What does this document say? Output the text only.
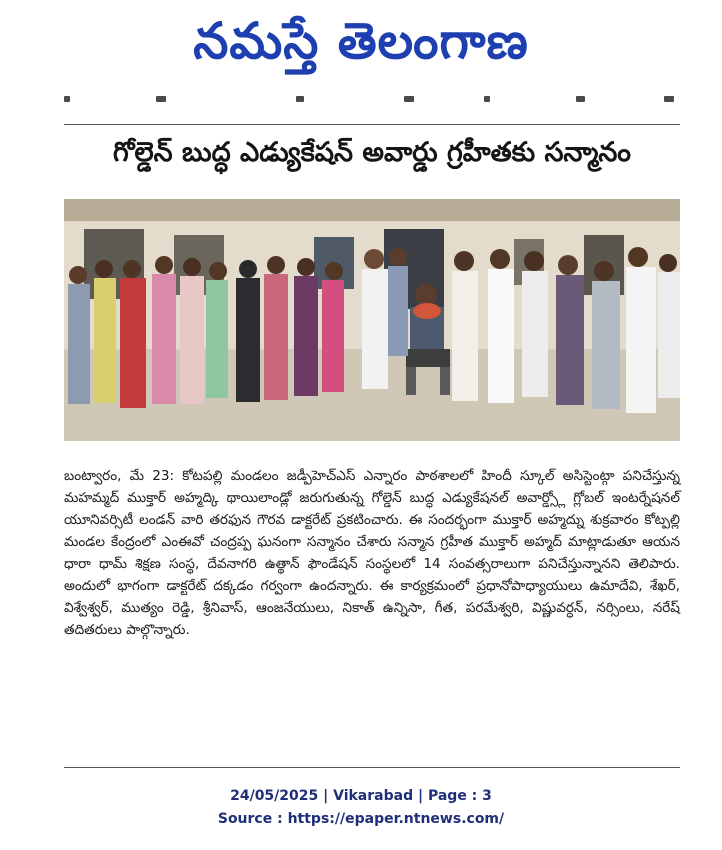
నమస్తే తెలంగాణ
గోల్డెన్ బుద్ధ ఎడ్యుకేషన్ అవార్డు గ్రహీతకు సన్మానం
బంట్వారం, మే 23: కోటపల్లి మండలం జడ్పీహెచ్ఎస్ ఎన్నారం పాఠశాలలో హిందీ స్కూల్ అసిస్టెంట్గా పనిచేస్తున్న మహమ్మద్ ముక్తార్ అహ్మద్కి థాయిలాండ్లో జరుగుతున్న గోల్డెన్ బుద్ధ ఎడ్యుకేషనల్ అవార్డ్స్లో గ్లోబల్ ఇంటర్నేషనల్ యూనివర్సిటీ లండన్ వారి తరఫున గౌరవ డాక్టరేట్ ప్రకటించారు. ఈ సందర్భంగా ముక్తార్ అహ్మద్ను శుక్రవారం కోట్పల్లి మండల కేంద్రంలో ఎంఈవో చంద్రప్ప ఘనంగా సన్మానం చేశారు సన్మాన గ్రహీత ముక్తార్ అహ్మద్ మాట్లాడుతూ ఆయన ధారా ధామ్ శిక్షణ సంస్థ, దేవనాగరి ఉత్థాన్ ఫౌండేషన్ సంస్థలలో 14 సంవత్సరాలుగా పనిచేస్తున్నానని తెలిపారు. అందులో భాగంగా డాక్టరేట్ దక్కడం గర్వంగా ఉందన్నారు. ఈ కార్యక్రమంలో ప్రధానోపాధ్యాయులు ఉమాదేవి, శేఖర్, విశ్వేశ్వర్, ముత్యం రెడ్డి, శ్రీనివాస్, ఆంజనేయులు, నికాత్ ఉన్నిసా, గీత, పరమేశ్వరి, విష్ణువర్ధన్, నర్సింలు, నరేష్ తదితరులు పాల్గొన్నారు.
24/05/2025 | Vikarabad | Page : 3
Source : https://epaper.ntnews.com/
